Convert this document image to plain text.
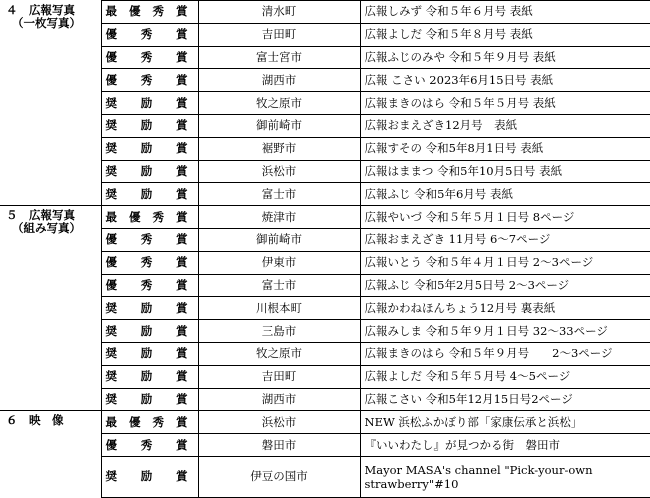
４　広報写真
（一枚写真）	最 優 秀 賞	清水町	広報しみず 令和５年６月号 表紙

	優 秀 賞	吉田町	広報よしだ 令和５年８月号 表紙

	優 秀 賞	富士宮市	広報ふじのみや 令和５年９月号 表紙

	優 秀 賞	湖西市	広報 こさい 2023年6月15日号 表紙

	奨 励 賞	牧之原市	広報まきのはら 令和５年５月号 表紙

	奨 励 賞	御前崎市	広報おまえざき12月号　表紙

	奨 励 賞	裾野市	広報すその 令和5年8月1日号 表紙

	奨 励 賞	浜松市	広報はままつ 令和5年10月5日号 表紙

	奨 励 賞	富士市	広報ふじ 令和5年6月号 表紙

５　広報写真
（組み写真）	最 優 秀 賞	焼津市	広報やいづ 令和５年５月１日号 8ページ

	優 秀 賞	御前崎市	広報おまえざき 11月号 6～7ページ

	優 秀 賞	伊東市	広報いとう 令和５年４月１日号 2～3ページ

	優 秀 賞	富士市	広報ふじ 令和5年2月5日号 2～3ページ

	奨 励 賞	川根本町	広報かわねほんちょう12月号 裏表紙

	奨 励 賞	三島市	広報みしま 令和５年９月１日号 32～33ページ

	奨 励 賞	牧之原市	広報まきのはら 令和５年９月号　　2～3ページ

	奨 励 賞	吉田町	広報よしだ 令和５年５月号 4～5ページ

	奨 励 賞	湖西市	広報こさい 令和5年12月15日号2ページ

６　映　像	最 優 秀 賞	浜松市	NEW 浜松ふかぼり部「家康伝承と浜松」

	優 秀 賞	磐田市	『いいわたし』が見つかる街　磐田市

	奨 励 賞	伊豆の国市	Mayor MASA's channel "Pick-your-own strawberry"#10
